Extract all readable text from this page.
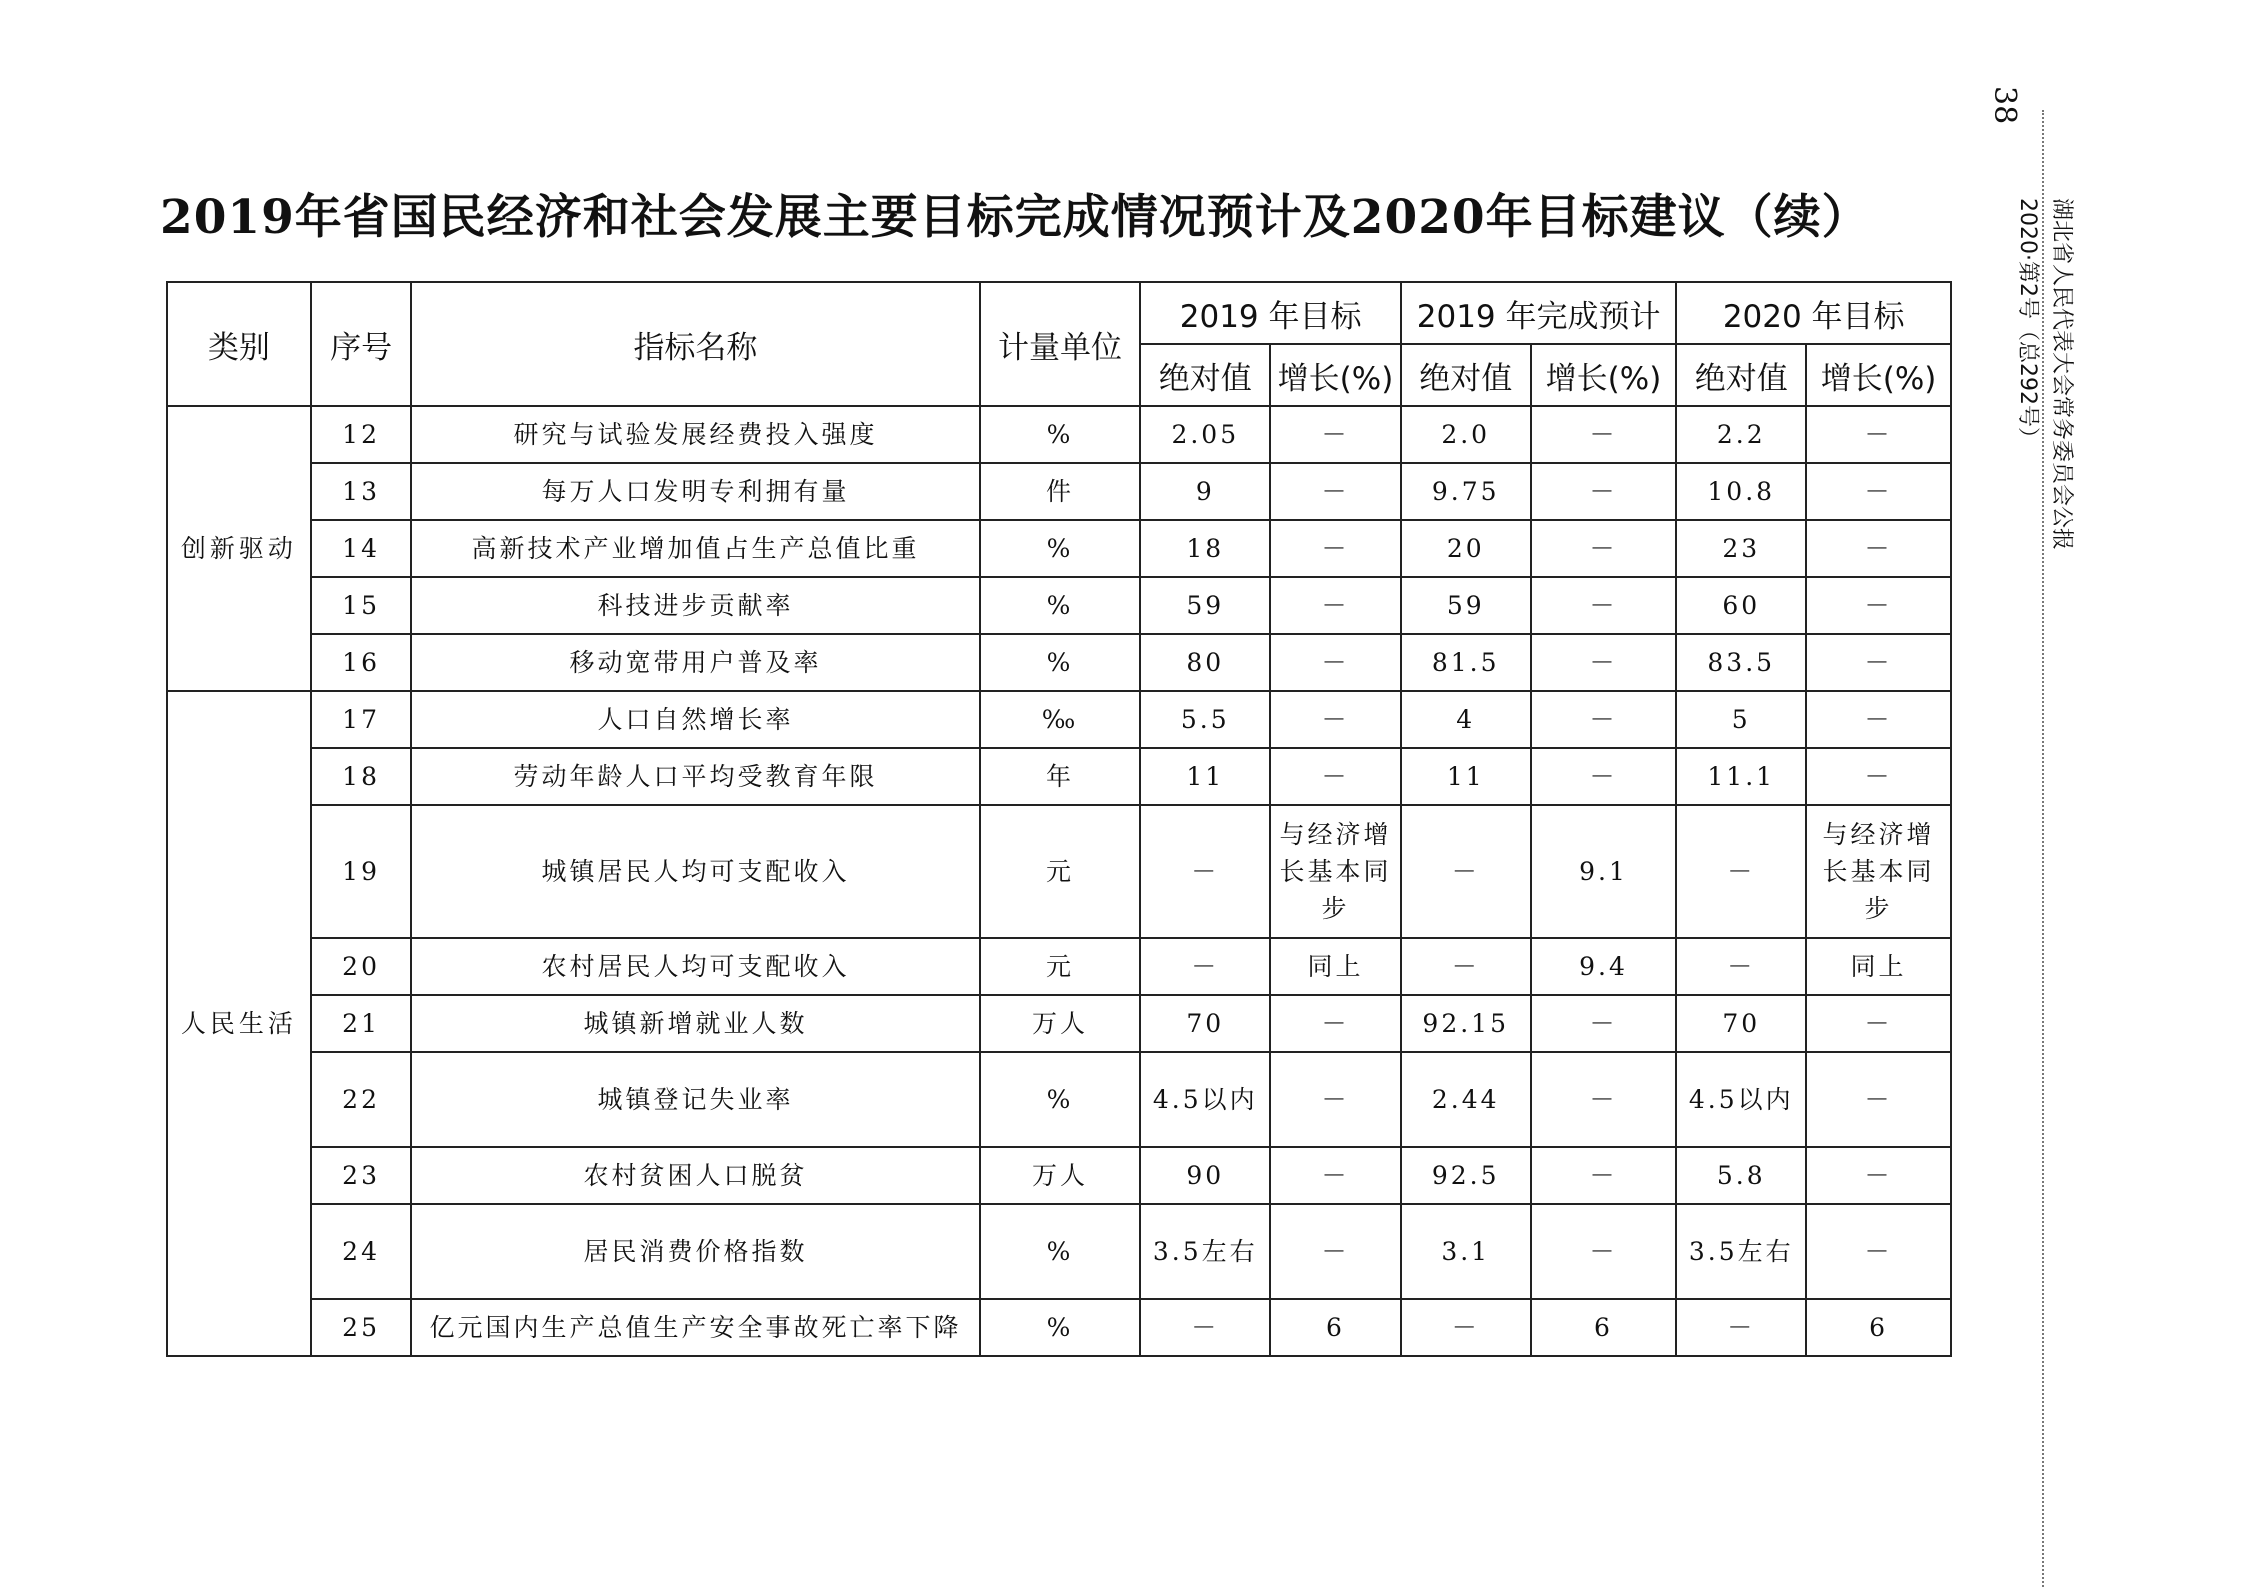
2019年省国民经济和社会发展主要目标完成情况预计及2020年目标建议（续）
类别	序号	指标名称	计量单位	2019 年目标		2019 年完成预计		2020 年目标	
				绝对值	增长(%)	绝对值	增长(%)	绝对值	增长(%)
创新驱动	12	研究与试验发展经费投入强度	%	2.05	－	2.0	－	2.2	－
	13	每万人口发明专利拥有量	件	9	－	9.75	－	10.8	－
	14	高新技术产业增加值占生产总值比重	%	18	－	20	－	23	－
	15	科技进步贡献率	%	59	－	59	－	60	－
	16	移动宽带用户普及率	%	80	－	81.5	－	83.5	－
人民生活	17	人口自然增长率	‰	5.5	－	4	－	5	－
	18	劳动年龄人口平均受教育年限	年	11	－	11	－	11.1	－
	19	城镇居民人均可支配收入	元	－	与经济增长基本同步	－	9.1	－	与经济增长基本同步
	20	农村居民人均可支配收入	元	－	同上	－	9.4	－	同上
	21	城镇新增就业人数	万人	70	－	92.15	－	70	－
	22	城镇登记失业率	%	4.5以内	－	2.44	－	4.5以内	－
	23	农村贫困人口脱贫	万人	90	－	92.5	－	5.8	－
	24	居民消费价格指数	%	3.5左右	－	3.1	－	3.5左右	－
	25	亿元国内生产总值生产安全事故死亡率下降	%	－	6	－	6	－	6
38
湖北省人民代表大会常务委员会公报
2020·第2号（总292号）
